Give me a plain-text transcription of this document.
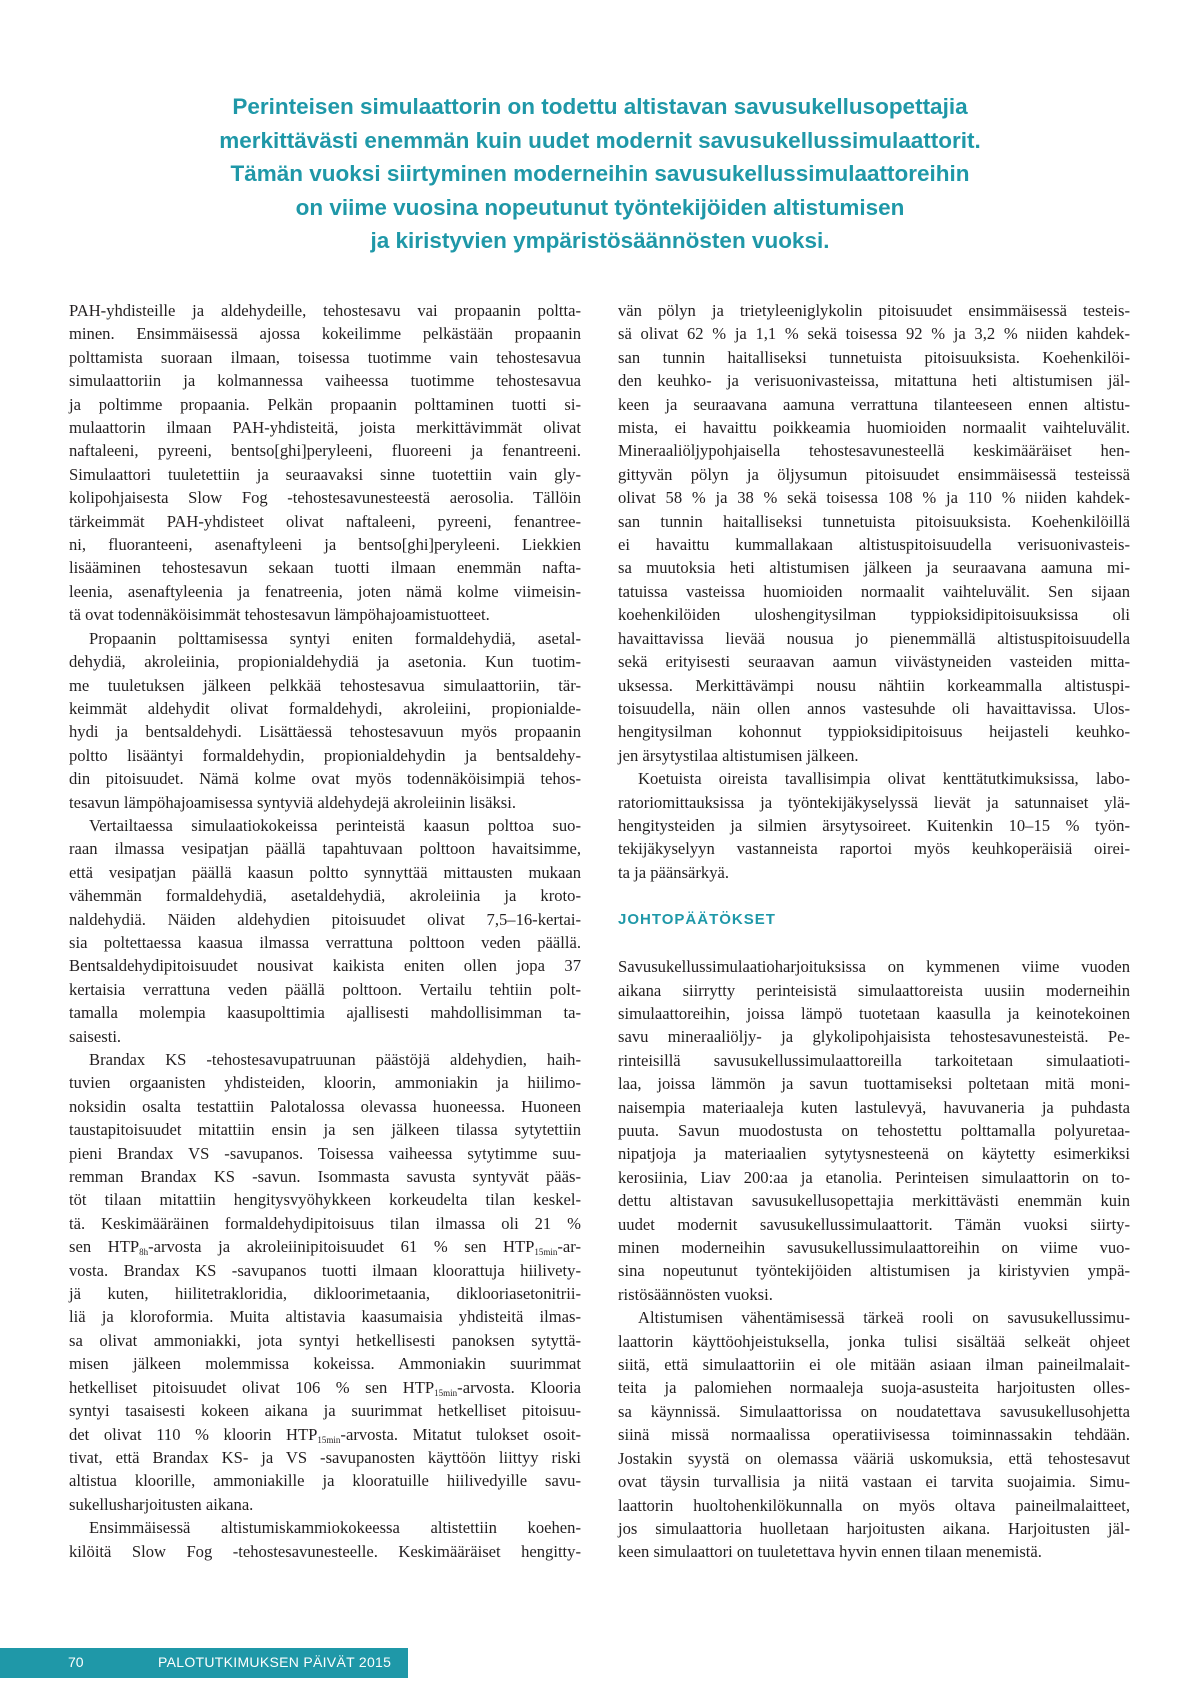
Perinteisen simulaattorin on todettu altistavan savusukellusopettajia
merkittävästi enemmän kuin uudet modernit savusukellussimulaattorit.
Tämän vuoksi siirtyminen moderneihin savusukellussimulaattoreihin
on viime vuosina nopeutunut työntekijöiden altistumisen
ja kiristyvien ympäristösäännösten vuoksi.

PAH-yhdisteille ja aldehydeille, tehostesavu vai propaanin poltta-
minen. Ensimmäisessä ajossa kokeilimme pelkästään propaanin
polttamista suoraan ilmaan, toisessa tuotimme vain tehostesavua
simulaattoriin ja kolmannessa vaiheessa tuotimme tehostesavua
ja poltimme propaania. Pelkän propaanin polttaminen tuotti si-
mulaattorin ilmaan PAH-yhdisteitä, joista merkittävimmät olivat
naftaleeni, pyreeni, bentso[ghi]peryleeni, fluoreeni ja fenantreeni.
Simulaattori tuuletettiin ja seuraavaksi sinne tuotettiin vain gly-
kolipohjaisesta Slow Fog -tehostesavunesteestä aerosolia. Tällöin
tärkeimmät PAH-yhdisteet olivat naftaleeni, pyreeni, fenantree-
ni, fluoranteeni, asenaftyleeni ja bentso[ghi]peryleeni. Liekkien
lisääminen tehostesavun sekaan tuotti ilmaan enemmän nafta-
leenia, asenaftyleenia ja fenatreenia, joten nämä kolme viimeisin-
tä ovat todennäköisimmät tehostesavun lämpöhajoamistuotteet.

Propaanin polttamisessa syntyi eniten formaldehydiä, asetal-
dehydiä, akroleiinia, propionialdehydiä ja asetonia. Kun tuotim-
me tuuletuksen jälkeen pelkkää tehostesavua simulaattoriin, tär-
keimmät aldehydit olivat formaldehydi, akroleiini, propionialde-
hydi ja bentsaldehydi. Lisättäessä tehostesavuun myös propaanin
poltto lisääntyi formaldehydin, propionialdehydin ja bentsaldehy-
din pitoisuudet. Nämä kolme ovat myös todennäköisimpiä tehos-
tesavun lämpöhajoamisessa syntyviä aldehydejä akroleiinin lisäksi.

Vertailtaessa simulaatiokokeissa perinteistä kaasun polttoa suo-
raan ilmassa vesipatjan päällä tapahtuvaan polttoon havaitsimme,
että vesipatjan päällä kaasun poltto synnyttää mittausten mukaan
vähemmän formaldehydiä, asetaldehydiä, akroleiinia ja kroto-
naldehydiä. Näiden aldehydien pitoisuudet olivat 7,5–16-kertai-
sia poltettaessa kaasua ilmassa verrattuna polttoon veden päällä.
Bentsaldehydipitoisuudet nousivat kaikista eniten ollen jopa 37
kertaisia verrattuna veden päällä polttoon. Vertailu tehtiin polt-
tamalla molempia kaasupolttimia ajallisesti mahdollisimman ta-
saisesti.

Brandax KS -tehostesavupatruunan päästöjä aldehydien, haih-
tuvien orgaanisten yhdisteiden, kloorin, ammoniakin ja hiilimo-
noksidin osalta testattiin Palotalossa olevassa huoneessa. Huoneen
taustapitoisuudet mitattiin ensin ja sen jälkeen tilassa sytytettiin
pieni Brandax VS -savupanos. Toisessa vaiheessa sytytimme suu-
remman Brandax KS -savun. Isommasta savusta syntyvät pääs-
töt tilaan mitattiin hengitysvyöhykkeen korkeudelta tilan keskel-
tä. Keskimääräinen formaldehydipitoisuus tilan ilmassa oli 21 %
sen $HTP_{8h}$-arvosta ja akroleiinipitoisuudet 61 % sen $HTP_{15min}-ar-$
vosta. Brandax KS -savupanos tuotti ilmaan kloorattuja hiilivety-
jä kuten, hiilitetrakloridia, dikloorimetaania, diklooriasetonitrii-
liä ja kloroformia. Muita altistavia kaasumaisia yhdisteitä ilmas-
sa olivat ammoniakki, jota syntyi hetkellisesti panoksen sytyttä-
misen jälkeen molemmissa kokeissa. Ammoniakin suurimmat
hetkelliset pitoisuudet olivat 106 % sen $HTP_{15min}$-arvosta. Klooria
syntyi tasaisesti kokeen aikana ja suurimmat hetkelliset pitoisuu-
det olivat 110 % kloorin $HTP_{15min}$-arvosta. Mitatut tulokset osoit-
tivat, että Brandax KS- ja VS -savupanosten käyttöön liittyy riski
altistua kloorille, ammoniakille ja klooratuille hiilivedyille savu-
sukellusharjoitusten aikana.

Ensimmäisessä altistumiskammiokokeessa altistettiin koehen-
kilöitä Slow Fog -tehostesavunesteelle. Keskimääräiset hengitty-

vän pölyn ja trietyleeniglykolin pitoisuudet ensimmäisessä testeis-
sä olivat 62 % ja 1,1 % sekä toisessa 92 % ja 3,2 % niiden kahdek-
san tunnin haitalliseksi tunnetuista pitoisuuksista. Koehenkilöi-
den keuhko- ja verisuonivasteissa, mitattuna heti altistumisen jäl-
keen ja seuraavana aamuna verrattuna tilanteeseen ennen altistu-
mista, ei havaittu poikkeamia huomioiden normaalit vaihteluvälit.
Mineraaliöljypohjaisella tehostesavunesteellä keskimääräiset hen-
gittyvän pölyn ja öljysumun pitoisuudet ensimmäisessä testeissä
olivat 58 % ja 38 % sekä toisessa 108 % ja 110 % niiden kahdek-
san tunnin haitalliseksi tunnetuista pitoisuuksista. Koehenkilöillä
ei havaittu kummallakaan altistuspitoisuudella verisuonivasteis-
sa muutoksia heti altistumisen jälkeen ja seuraavana aamuna mi-
tatuissa vasteissa huomioiden normaalit vaihteluvälit. Sen sijaan
koehenkilöiden uloshengitysilman typpioksidipitoisuuksissa oli
havaittavissa lievää nousua jo pienemmällä altistuspitoisuudella
sekä erityisesti seuraavan aamun viivästyneiden vasteiden mitta-
uksessa. Merkittävämpi nousu nähtiin korkeammalla altistuspi-
toisuudella, näin ollen annos vastesuhde oli havaittavissa. Ulos-
hengitysilman kohonnut typpioksidipitoisuus heijasteli keuhko-
jen ärsytystilaa altistumisen jälkeen.

Koetuista oireista tavallisimpia olivat kenttätutkimuksissa, labo-
ratoriomittauksissa ja työntekijäkyselyssä lievät ja satunnaiset ylä-
hengitysteiden ja silmien ärsytysoireet. Kuitenkin 10–15 % työn-
tekijäkyselyyn vastanneista raportoi myös keuhkoperäisiä oirei-
ta ja päänsärkyä.

JOHTOPÄÄTÖKSET

Savusukellussimulaatioharjoituksissa on kymmenen viime vuoden
aikana siirrytty perinteisistä simulaattoreista uusiin moderneihin
simulaattoreihin, joissa lämpö tuotetaan kaasulla ja keinotekoinen
savu mineraaliöljy- ja glykolipohjaisista tehostesavunesteistä. Pe-
rinteisillä savusukellussimulaattoreilla tarkoitetaan simulaatioti-
laa, joissa lämmön ja savun tuottamiseksi poltetaan mitä moni-
naisempia materiaaleja kuten lastulevyä, havuvaneria ja puhdasta
puuta. Savun muodostusta on tehostettu polttamalla polyuretaa-
nipatjoja ja materiaalien sytytysnesteenä on käytetty esimerkiksi
kerosiinia, Liav 200:aa ja etanolia. Perinteisen simulaattorin on to-
dettu altistavan savusukellusopettajia merkittävästi enemmän kuin
uudet modernit savusukellussimulaattorit. Tämän vuoksi siirty-
minen moderneihin savusukellussimulaattoreihin on viime vuo-
sina nopeutunut työntekijöiden altistumisen ja kiristyvien ympä-
ristösäännösten vuoksi.

Altistumisen vähentämisessä tärkeä rooli on savusukellussimu-
laattorin käyttöohjeistuksella, jonka tulisi sisältää selkeät ohjeet
siitä, että simulaattoriin ei ole mitään asiaan ilman paineilmalait-
teita ja palomiehen normaaleja suoja-asusteita harjoitusten olles-
sa käynnissä. Simulaattorissa on noudatettava savusukellusohjetta
siinä missä normaalissa operatiivisessa toiminnassakin tehdään.
Jostakin syystä on olemassa vääriä uskomuksia, että tehostesavut
ovat täysin turvallisia ja niitä vastaan ei tarvita suojaimia. Simu-
laattorin huoltohenkilökunnalla on myös oltava paineilmalaitteet,
jos simulaattoria huolletaan harjoitusten aikana. Harjoitusten jäl-
keen simulaattori on tuuletettava hyvin ennen tilaan menemistä.

70	PALOTUTKIMUKSEN PÄIVÄT 2015
